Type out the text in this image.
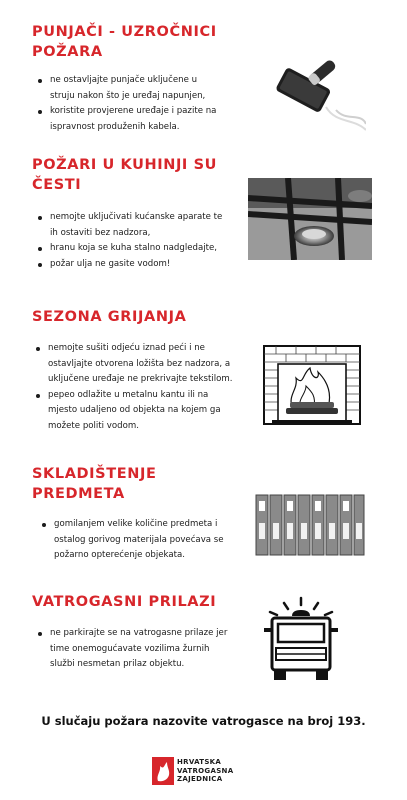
PUNJAČI - UZROČNICI
POŽARA
ne ostavljajte punjače uključene u
struju nakon što je uređaj napunjen,
koristite provjerene uređaje i pazite na
ispravnost produženih kabela.
POŽARI U KUHINJI SU
ČESTI
nemojte uključivati kućanske aparate te
ih ostaviti bez nadzora,
hranu koja se kuha stalno nadgledajte,
požar ulja ne gasite vodom!
SEZONA GRIJANJA
nemojte sušiti odjeću iznad peći i ne
ostavljajte otvorena ložišta bez nadzora, a
uključene uređaje ne prekrivajte tekstilom.
pepeo odlažite u metalnu kantu ili na
mjesto udaljeno od objekta na kojem ga
možete politi vodom.
SKLADIŠTENJE
PREDMETA
gomilanjem velike količine predmeta i
ostalog gorivog materijala povećava se
požarno opterećenje objekata.
VATROGASNI PRILAZI
ne parkirajte se na vatrogasne prilaze jer
time onemogućavate vozilima žurnih
službi nesmetan prilaz objektu.

U slučaju požara nazovite vatrogasce na broj 193.

HRVATSKA
VATROGASNA
ZAJEDNICA
